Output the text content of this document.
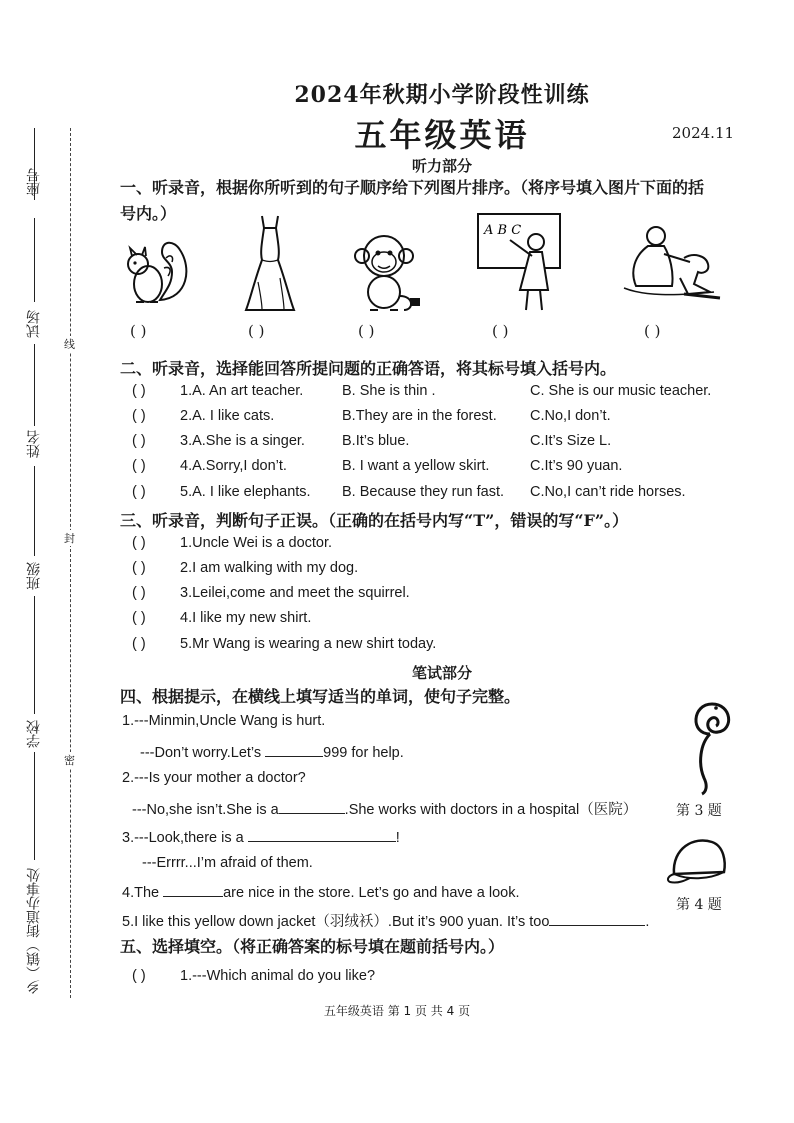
座号
试场
姓名
班级
学校
乡（镇）街道办事处
线
封
密
2024年秋期小学阶段性训练
五年级英语	2024.11
听力部分
一、听录音，根据你所听到的句子顺序给下列图片排序。（将序号填入图片下面的括
号内。）
A B C
( )	( )	( )	( )	( )
二、听录音，选择能回答所提问题的正确答语，将其标号填入括号内。
( ) 1.A. An art teacher.	B. She is thin .	C. She is our music teacher.
( ) 2.A. I like cats.	B.They are in the forest. C.No,I don’t.
( ) 3.A.She is a singer.	B.It’s blue.	C.It’s Size L.
( ) 4.A.Sorry,I don’t.	B. I want a yellow skirt.	C.It’s 90 yuan.
( ) 5.A. I like elephants. B. Because they run fast. C.No,I can’t ride horses.
三、听录音，判断句子正误。（正确的在括号内写“T”，错误的写“F”。）
( ) 1.Uncle Wei is a doctor.
( ) 2.I am walking with my dog.
( ) 3.Leilei,come and meet the squirrel.
( ) 4.I like my new shirt.
( ) 5.Mr Wang is wearing a new shirt today.
笔试部分
四、根据提示，在横线上填写适当的单词，使句子完整。
1.---Minmin,Uncle Wang is hurt.
---Don’t worry.Let’s	999 for help.
2.---Is your mother a doctor?
---No,she isn’t.She is a	.She works with doctors in a hospital（医院）
3.---Look,there is a	!
---Errrr...I’m afraid of them.
4.The	are nice in the store. Let’s go and have a look.
5.I like this yellow down jacket（羽绒袄）.But it’s 900 yuan. It’s too	.
第 3 题
第 4 题
五、选择填空。（将正确答案的标号填在题前括号内。）
( ) 1.---Which animal do you like?
五年级英语 第 1 页 共 4 页
